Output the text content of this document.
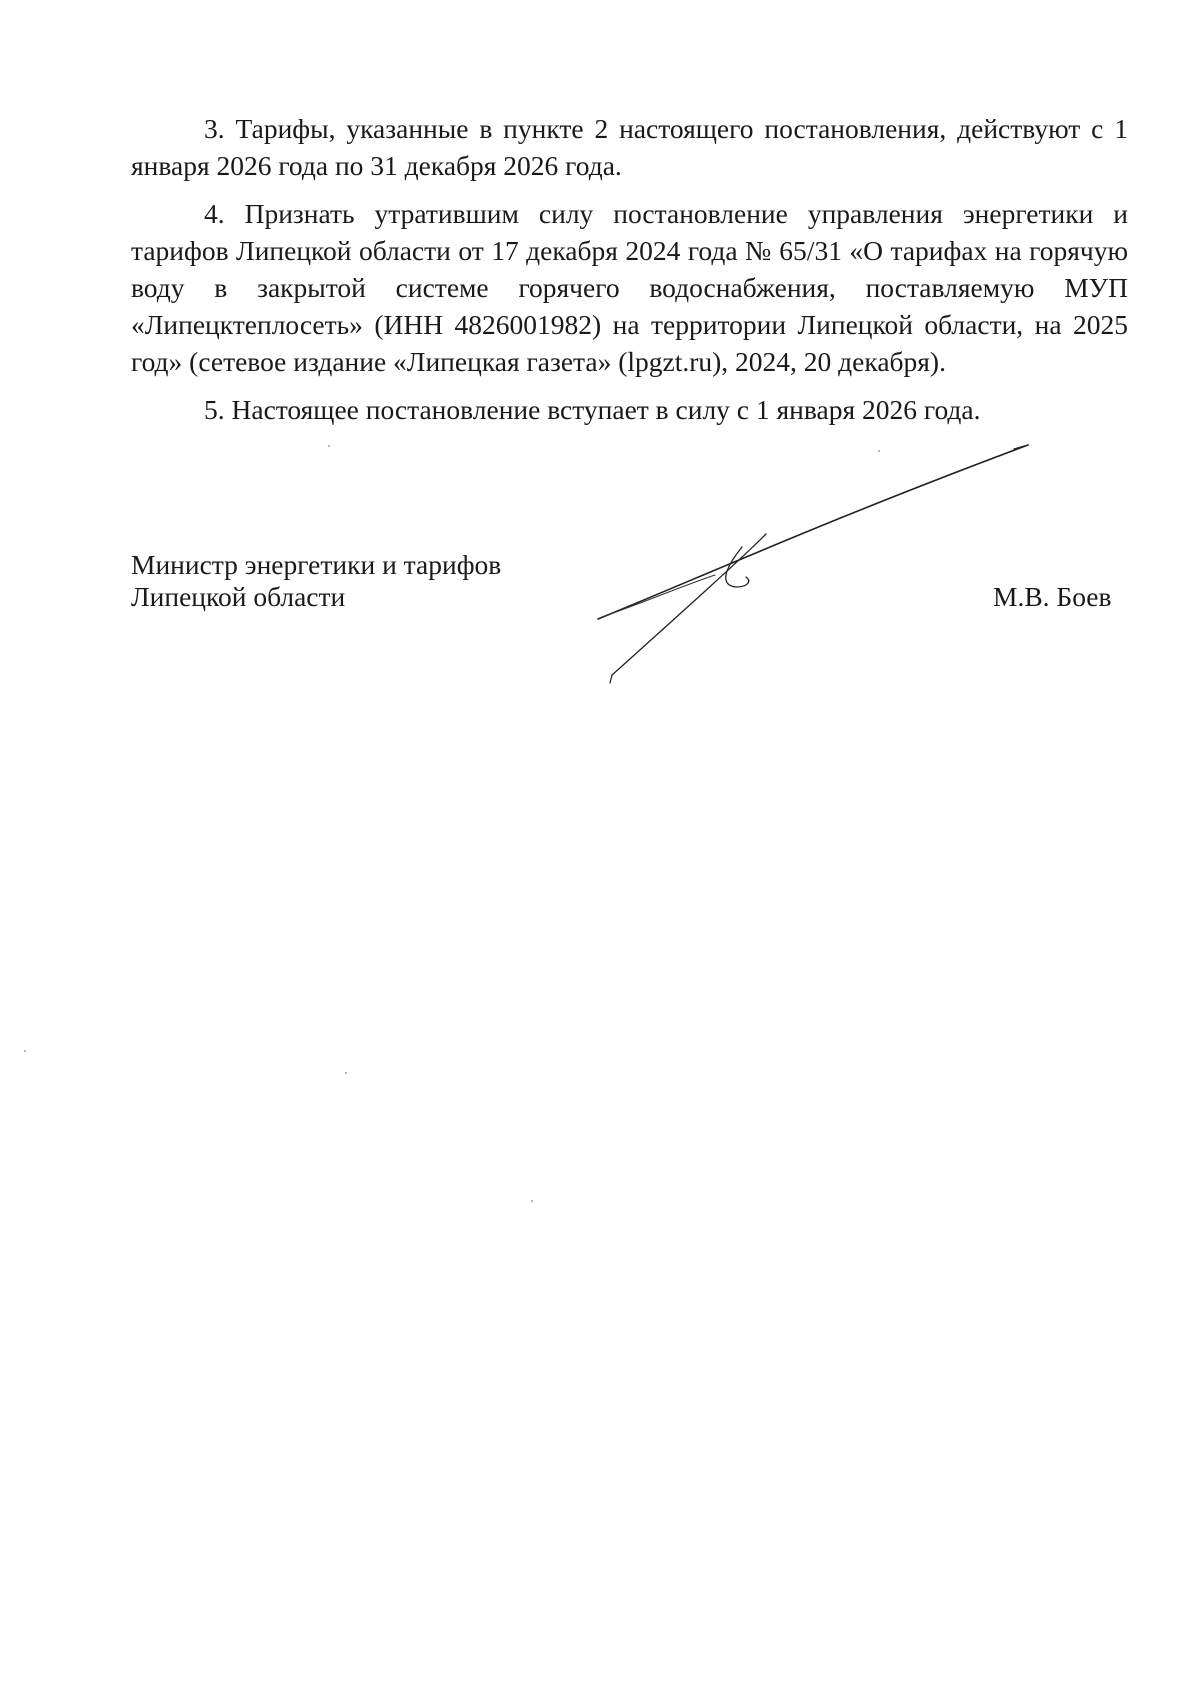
3. Тарифы, указанные в пункте 2 настоящего постановления, действуют с 1 января 2026 года по 31 декабря 2026 года.

4. Признать утратившим силу постановление управления энергетики и тарифов Липецкой области от 17 декабря 2024 года № 65/31 «О тарифах на горячую воду в закрытой системе горячего водоснабжения, поставляемую МУП «Липецктеплосеть» (ИНН 4826001982) на территории Липецкой области, на 2025 год» (сетевое издание «Липецкая газета» (lpgzt.ru), 2024, 20 декабря).

5. Настоящее постановление вступает в силу с 1 января 2026 года.

Министр энергетики и тарифов
Липецкой области	М.В. Боев
